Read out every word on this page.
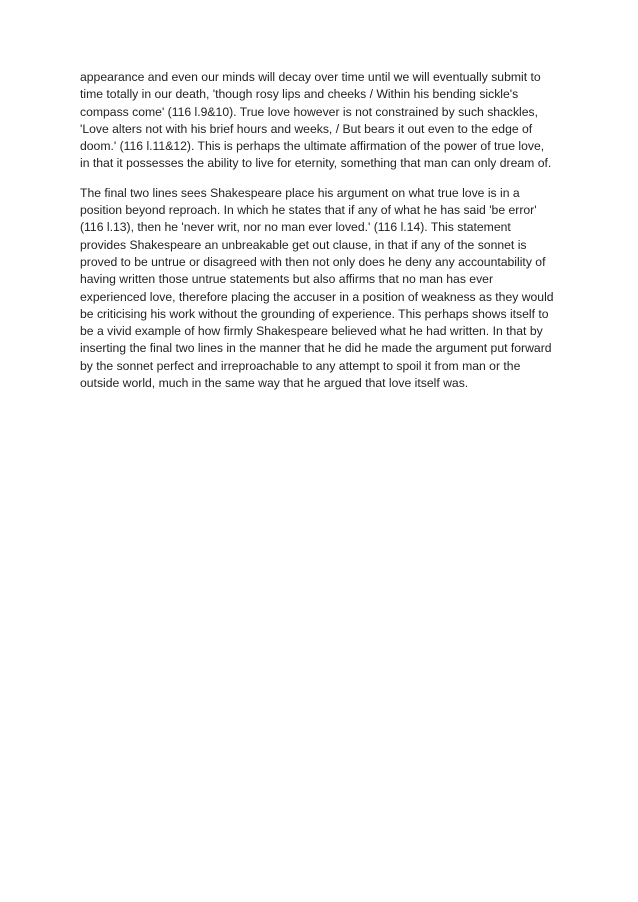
appearance and even our minds will decay over time until we will eventually submit to
time totally in our death, 'though rosy lips and cheeks / Within his bending sickle's
compass come' (116 l.9&10). True love however is not constrained by such shackles,
'Love alters not with his brief hours and weeks, / But bears it out even to the edge of
doom.' (116 l.11&12). This is perhaps the ultimate affirmation of the power of true love,
in that it possesses the ability to live for eternity, something that man can only dream of.

The final two lines sees Shakespeare place his argument on what true love is in a
position beyond reproach. In which he states that if any of what he has said 'be error'
(116 l.13), then he 'never writ, nor no man ever loved.' (116 l.14). This statement
provides Shakespeare an unbreakable get out clause, in that if any of the sonnet is
proved to be untrue or disagreed with then not only does he deny any accountability of
having written those untrue statements but also affirms that no man has ever
experienced love, therefore placing the accuser in a position of weakness as they would
be criticising his work without the grounding of experience. This perhaps shows itself to
be a vivid example of how firmly Shakespeare believed what he had written. In that by
inserting the final two lines in the manner that he did he made the argument put forward
by the sonnet perfect and irreproachable to any attempt to spoil it from man or the
outside world, much in the same way that he argued that love itself was.
